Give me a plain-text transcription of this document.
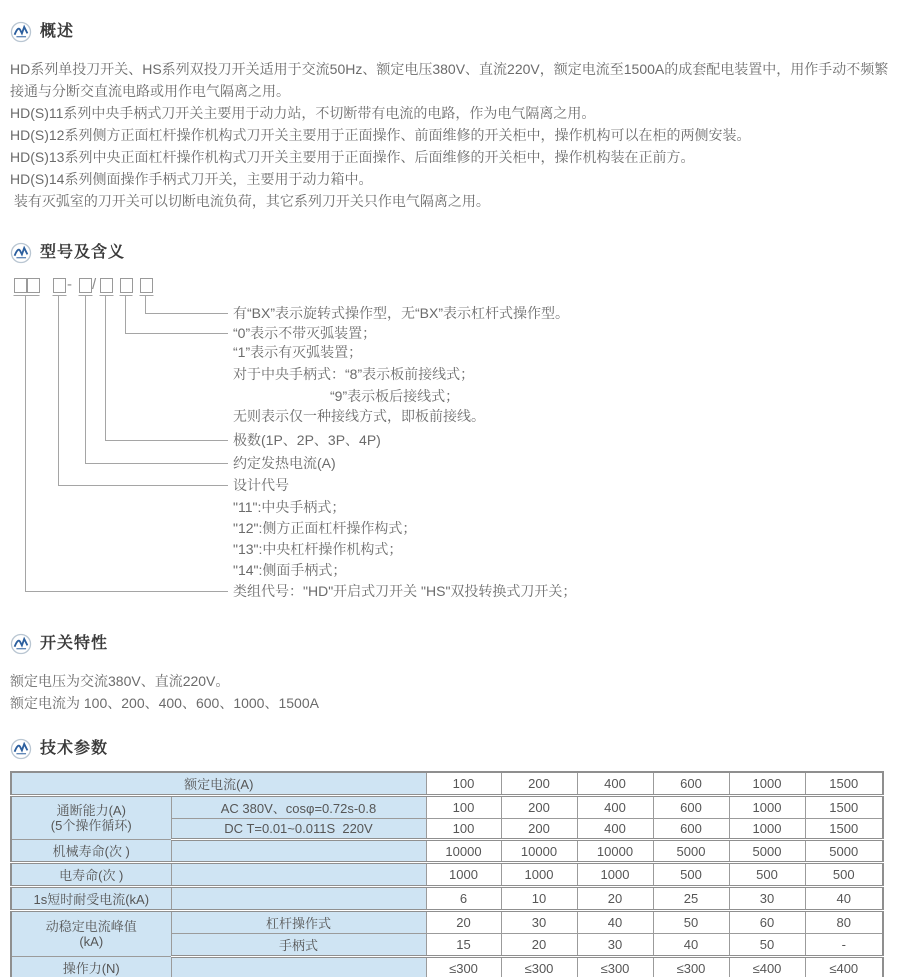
概述

HD系列单投刀开关、HS系列双投刀开关适用于交流50Hz、额定电压380V、直流220V，额定电流至1500A的成套配电装置中，用作手动不频繁接通与分断交直流电路或用作电气隔离之用。

HD(S)11系列中央手柄式刀开关主要用于动力站，不切断带有电流的电路，作为电气隔离之用。

HD(S)12系列侧方正面杠杆操作机构式刀开关主要用于正面操作、前面维修的开关柜中，操作机构可以在柜的两侧安装。

HD(S)13系列中央正面杠杆操作机构式刀开关主要用于正面操作、后面维修的开关柜中，操作机构装在正前方。

HD(S)14系列侧面操作手柄式刀开关，主要用于动力箱中。

装有灭弧室的刀开关可以切断电流负荷，其它系列刀开关只作电气隔离之用。

型号及含义
- /
有“BX”表示旋转式操作型，无“BX”表示杠杆式操作型。
“0”表示不带灭弧装置；
“1”表示有灭弧装置；
对于中央手柄式：“8”表示板前接线式；
“9”表示板后接线式；
无则表示仅一种接线方式，即板前接线。
极数(1P、2P、3P、4P)
约定发热电流(A)
设计代号
"11":中央手柄式；
"12":侧方正面杠杆操作构式；
"13":中央杠杆操作机构式；
"14":侧面手柄式；
类组代号："HD"开启式刀开关 "HS"双投转换式刀开关；
开关特性

额定电压为交流380V、直流220V。

额定电流为 100、200、400、600、1000、1500A

技术参数
额定电流(A)		100	200	400	600	1000	1500

通断能力(A)
(5个操作循环)	AC 380V、cosφ=0.72s-0.8	100	200	400	600	1000	1500
	DC T=0.01~0.011S  220V	100	200	400	600	1000	1500
机械寿命(次 )		10000	10000	10000	5000	5000	5000
电寿命(次 )		1000	1000	1000	500	500	500
1s短时耐受电流(kA)		6	10	20	25	30	40

动稳定电流峰值
(kA)	杠杆操作式	20	30	40	50	60	80
	手柄式	15	20	30	40	50	-
操作力(N)		≤300	≤300	≤300	≤300	≤400	≤400
